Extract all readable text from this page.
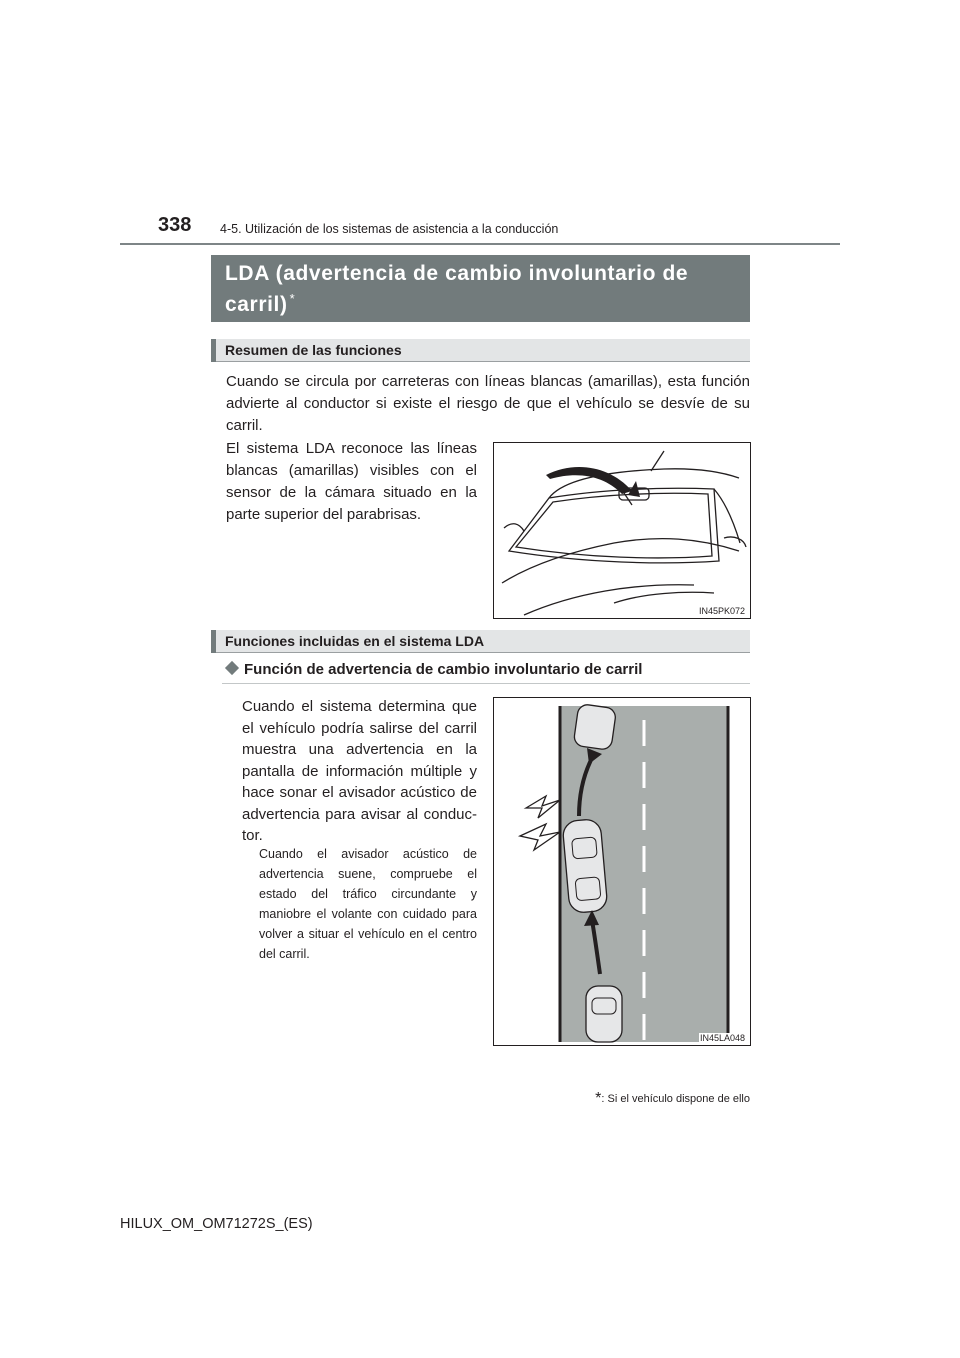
338 4-5. Utilización de los sistemas de asistencia a la conducción
LDA (advertencia de cambio involuntario de
carril) *
Resumen de las funciones
Cuando se circula por carreteras con líneas blancas (amarillas), esta función advierte al conductor si existe el riesgo de que el vehículo se desvíe de su carril.
El sistema LDA reconoce las líneas blancas (amarillas) visibles con el sensor de la cámara situado en la parte superior del parabrisas.
IN45PK072
Funciones incluidas en el sistema LDA
Función de advertencia de cambio involuntario de carril
Cuando el sistema determina que el vehículo podría salirse del carril muestra una advertencia en la pantalla de información múltiple y hace sonar el avisador acústico de advertencia para avisar al conduc-tor.
Cuando el avisador acústico de advertencia suene, compruebe el estado del tráfico circundante y maniobre el volante con cuidado para volver a situar el vehículo en el centro del carril.
IN45LA048
*: Si el vehículo dispone de ello
HILUX_OM_OM71272S_(ES)
